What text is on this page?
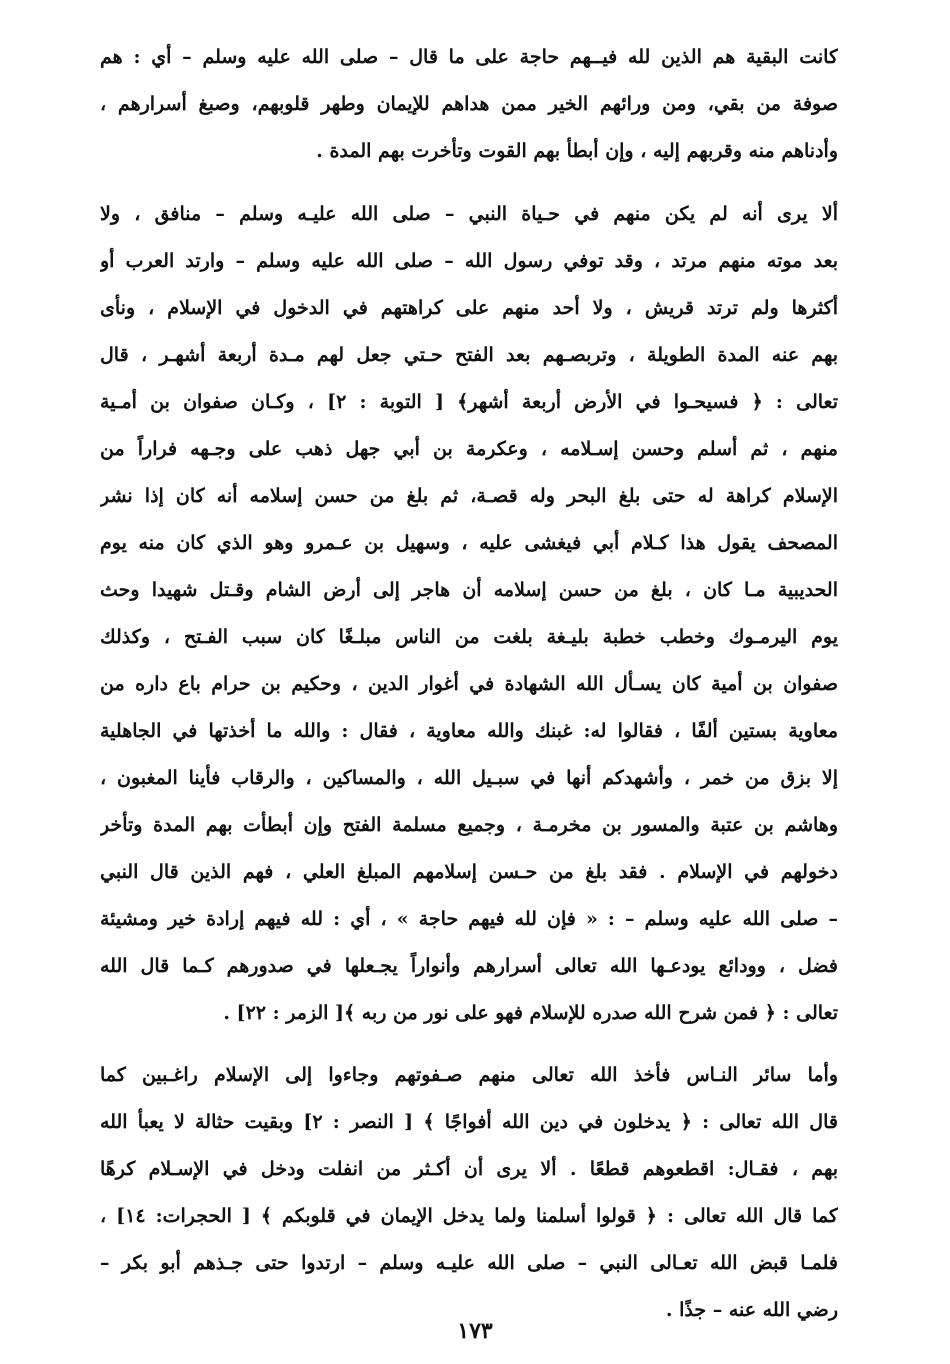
كانت البقية هم الذين لله فيــهم حاجة على ما قال – صلى الله عليه وسلم – أي : هم
صوفة من بقي، ومن ورائهم الخير ممن هداهم للإيمان وطهر قلوبهم، وصبغ أسرارهم ،
وأدناهم منه وقربهم إليه ، وإن أبطأ بهم القوت وتأخرت بهم المدة .
ألا يرى أنه لم يكن منهم في حـياة النبي – صلى الله عليـه وسلم – منافق ، ولا
بعد موته منهم مرتد ، وقد توفي رسول الله – صلى الله عليه وسلم – وارتد العرب أو
أكثرها ولم ترتد قريش ، ولا أحد منهم على كراهتهم في الدخول في الإسلام ، ونأى
بهم عنه المدة الطويلة ، وتربصـهم بعد الفتح حـتي جعل لهم مـدة أربعة أشهـر ، قال
تعالى : ﴿ فسيحـوا في الأرض أربعة أشهر﴾ [ التوبة : ٢] ، وكـان صفوان بن أمـية
منهم ، ثم أسلم وحسن إسـلامه ، وعكرمة بن أبي جهل ذهب على وجـهه فراراً من
الإسلام كراهة له حتى بلغ البحر وله قصـة، ثم بلغ من حسن إسلامه أنه كان إذا نشر
المصحف يقول هذا كـلام أبي فيغشى عليه ، وسهيل بن عـمرو وهو الذي كان منه يوم
الحديبية مـا كان ، بلغ من حسن إسلامه أن هاجر إلى أرض الشام وقـتل شهيدا وحث
يوم اليرمـوك وخطب خطبة بليـغة بلغت من الناس مبلـغًا كان سبب الفـتح ، وكذلك
صفوان بن أمية كان يسـأل الله الشهادة في أغوار الدين ، وحكيم بن حرام باع داره من
معاوية بستين ألفًا ، فقالوا له: غبنك والله معاوية ، فقال : والله ما أخذتها في الجاهلية
إلا بزق من خمر ، وأشهدكم أنها في سبـيل الله ، والمساكين ، والرقاب فأينا المغبون ،
وهاشم بن عتبة والمسور بن مخرمـة ، وجميع مسلمة الفتح وإن أبطأت بهم المدة وتأخر
دخولهم في الإسلام . فقد بلغ من حـسن إسلامهم المبلغ العلي ، فهم الذين قال النبي
– صلى الله عليه وسلم – : « فإن لله فيهم حاجة » ، أي : لله فيهم إرادة خير ومشيئة
فضل ، وودائع يودعـها الله تعالى أسرارهم وأنواراً يجـعلها في صدورهم كـما قال الله
تعالى : ﴿ فمن شرح الله صدره للإسلام فهو على نور من ربه ﴾[ الزمر : ٢٢] .
وأما سائر النـاس فأخذ الله تعالى منهم صـفوتهم وجاءوا إلى الإسلام راغـبين كما
قال الله تعالى : ﴿ يدخلون في دين الله أفواجًا ﴾ [ النصر : ٢] وبقيت حثالة لا يعبأ الله
بهم ، فقـال: اقطعوهم قطعًا . ألا يرى أن أكـثر من انفلت ودخل في الإسـلام كرهًا
كما قال الله تعالى : ﴿ قولوا أسلمنا ولما يدخل الإيمان في قلوبكم ﴾ [ الحجرات: ١٤] ،
فلمـا قبض الله تعـالى النبي – صلى الله عليـه وسلم – ارتدوا حتى جـذهم أبو بكر –
رضي الله عنه – جذًا .
١٧٣
